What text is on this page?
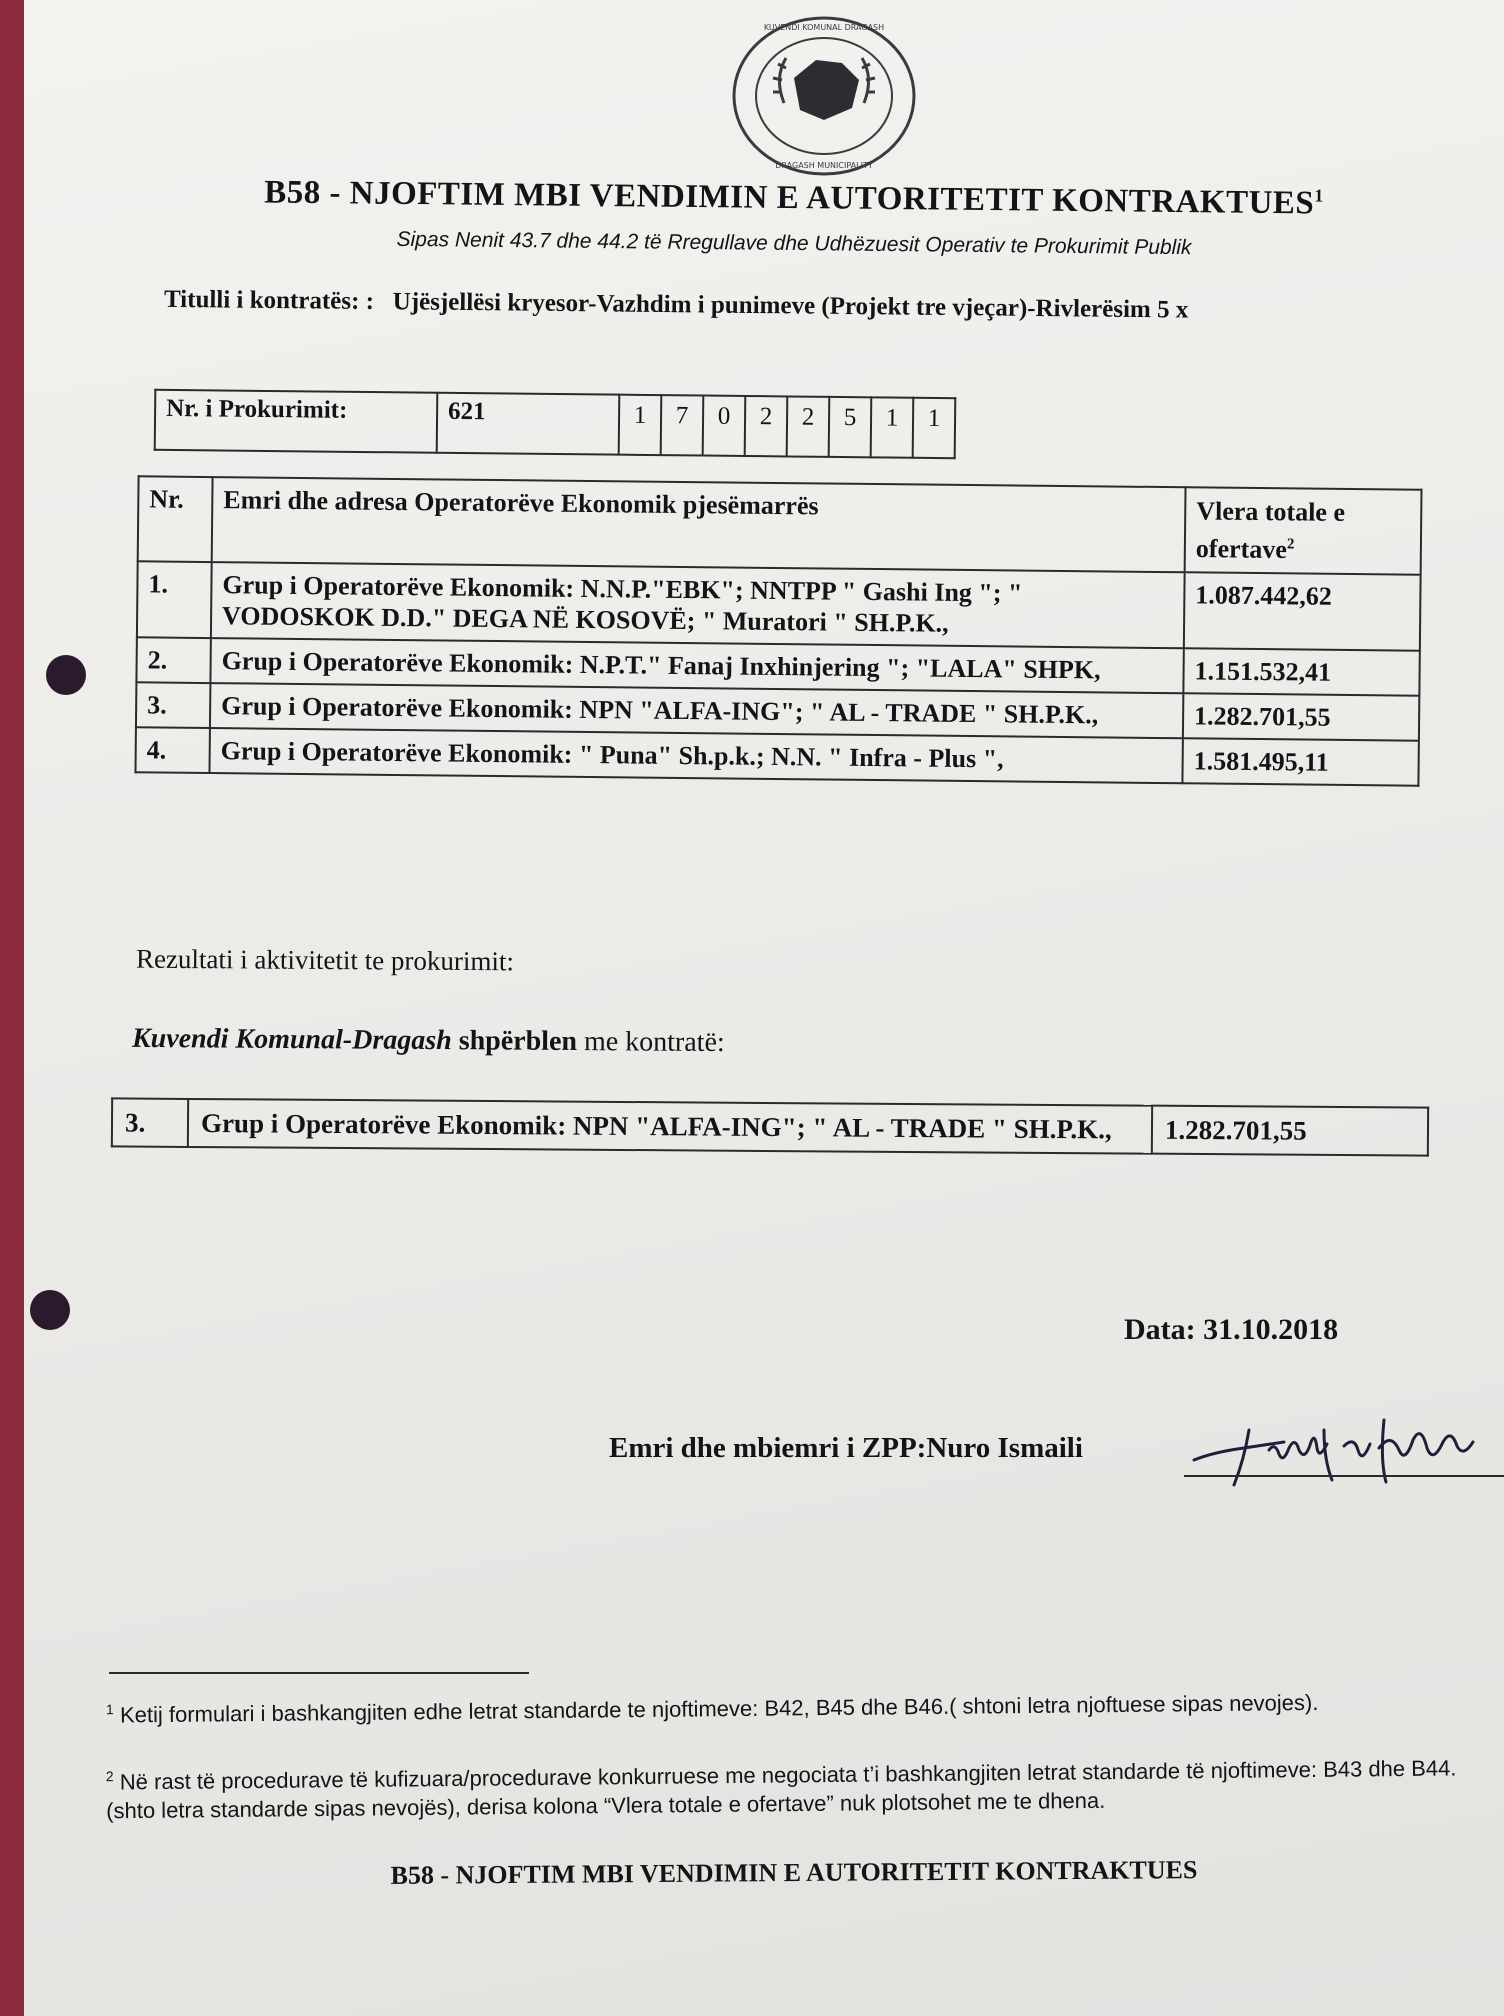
KUVENDI KOMUNAL DRAGASH
DRAGASH MUNICIPALITY
B58 - NJOFTIM MBI VENDIMIN E AUTORITETIT KONTRAKTUES$^1$
Sipas Nenit 43.7 dhe 44.2 të Rregullave dhe Udhëzuesit Operativ te Prokurimit Publik
Titulli i kontratës: : Ujësjellësi kryesor-Vazhdim i punimeve (Projekt tre vjeçar)-Rivlerësim 5 x
Nr. i Prokurimit:	621	1	7	0	2	2	5	1	1
Nr.	Emri dhe adresa Operatorëve Ekonomik pjesëmarrës	Vlera totale e ofertave$^2$
1.	Grup i Operatorëve Ekonomik: N.N.P."EBK"; NNTPP " Gashi Ing "; " VODOSKOK D.D." DEGA NË KOSOVË; " Muratori " SH.P.K.,	1.087.442,62
2.	Grup i Operatorëve Ekonomik: N.P.T." Fanaj Inxhinjering "; "LALA" SHPK,	1.151.532,41
3.	Grup i Operatorëve Ekonomik: NPN "ALFA-ING"; " AL - TRADE " SH.P.K.,	1.282.701,55
4.	Grup i Operatorëve Ekonomik: " Puna" Sh.p.k.; N.N. " Infra - Plus ",	1.581.495,11
Rezultati i aktivitetit te prokurimit:
Kuvendi Komunal-Dragash shpërblen me kontratë:
3.	Grup i Operatorëve Ekonomik: NPN "ALFA-ING"; " AL - TRADE " SH.P.K.,	1.282.701,55
Data: 31.10.2018
Emri dhe mbiemri i ZPP:Nuro Ismaili
$^1$ Ketij formulari i bashkangjiten edhe letrat standarde te njoftimeve: B42, B45 dhe B46.( shtoni letra njoftuese sipas nevojes).
$^2$ Në rast të procedurave të kufizuara/procedurave konkurruese me negociata t’i bashkangjiten letrat standarde të njoftimeve: B43 dhe B44.(shto letra standarde sipas nevojës), derisa kolona “Vlera totale e ofertave” nuk plotsohet me te dhena.
B58 - NJOFTIM MBI VENDIMIN E AUTORITETIT KONTRAKTUES
